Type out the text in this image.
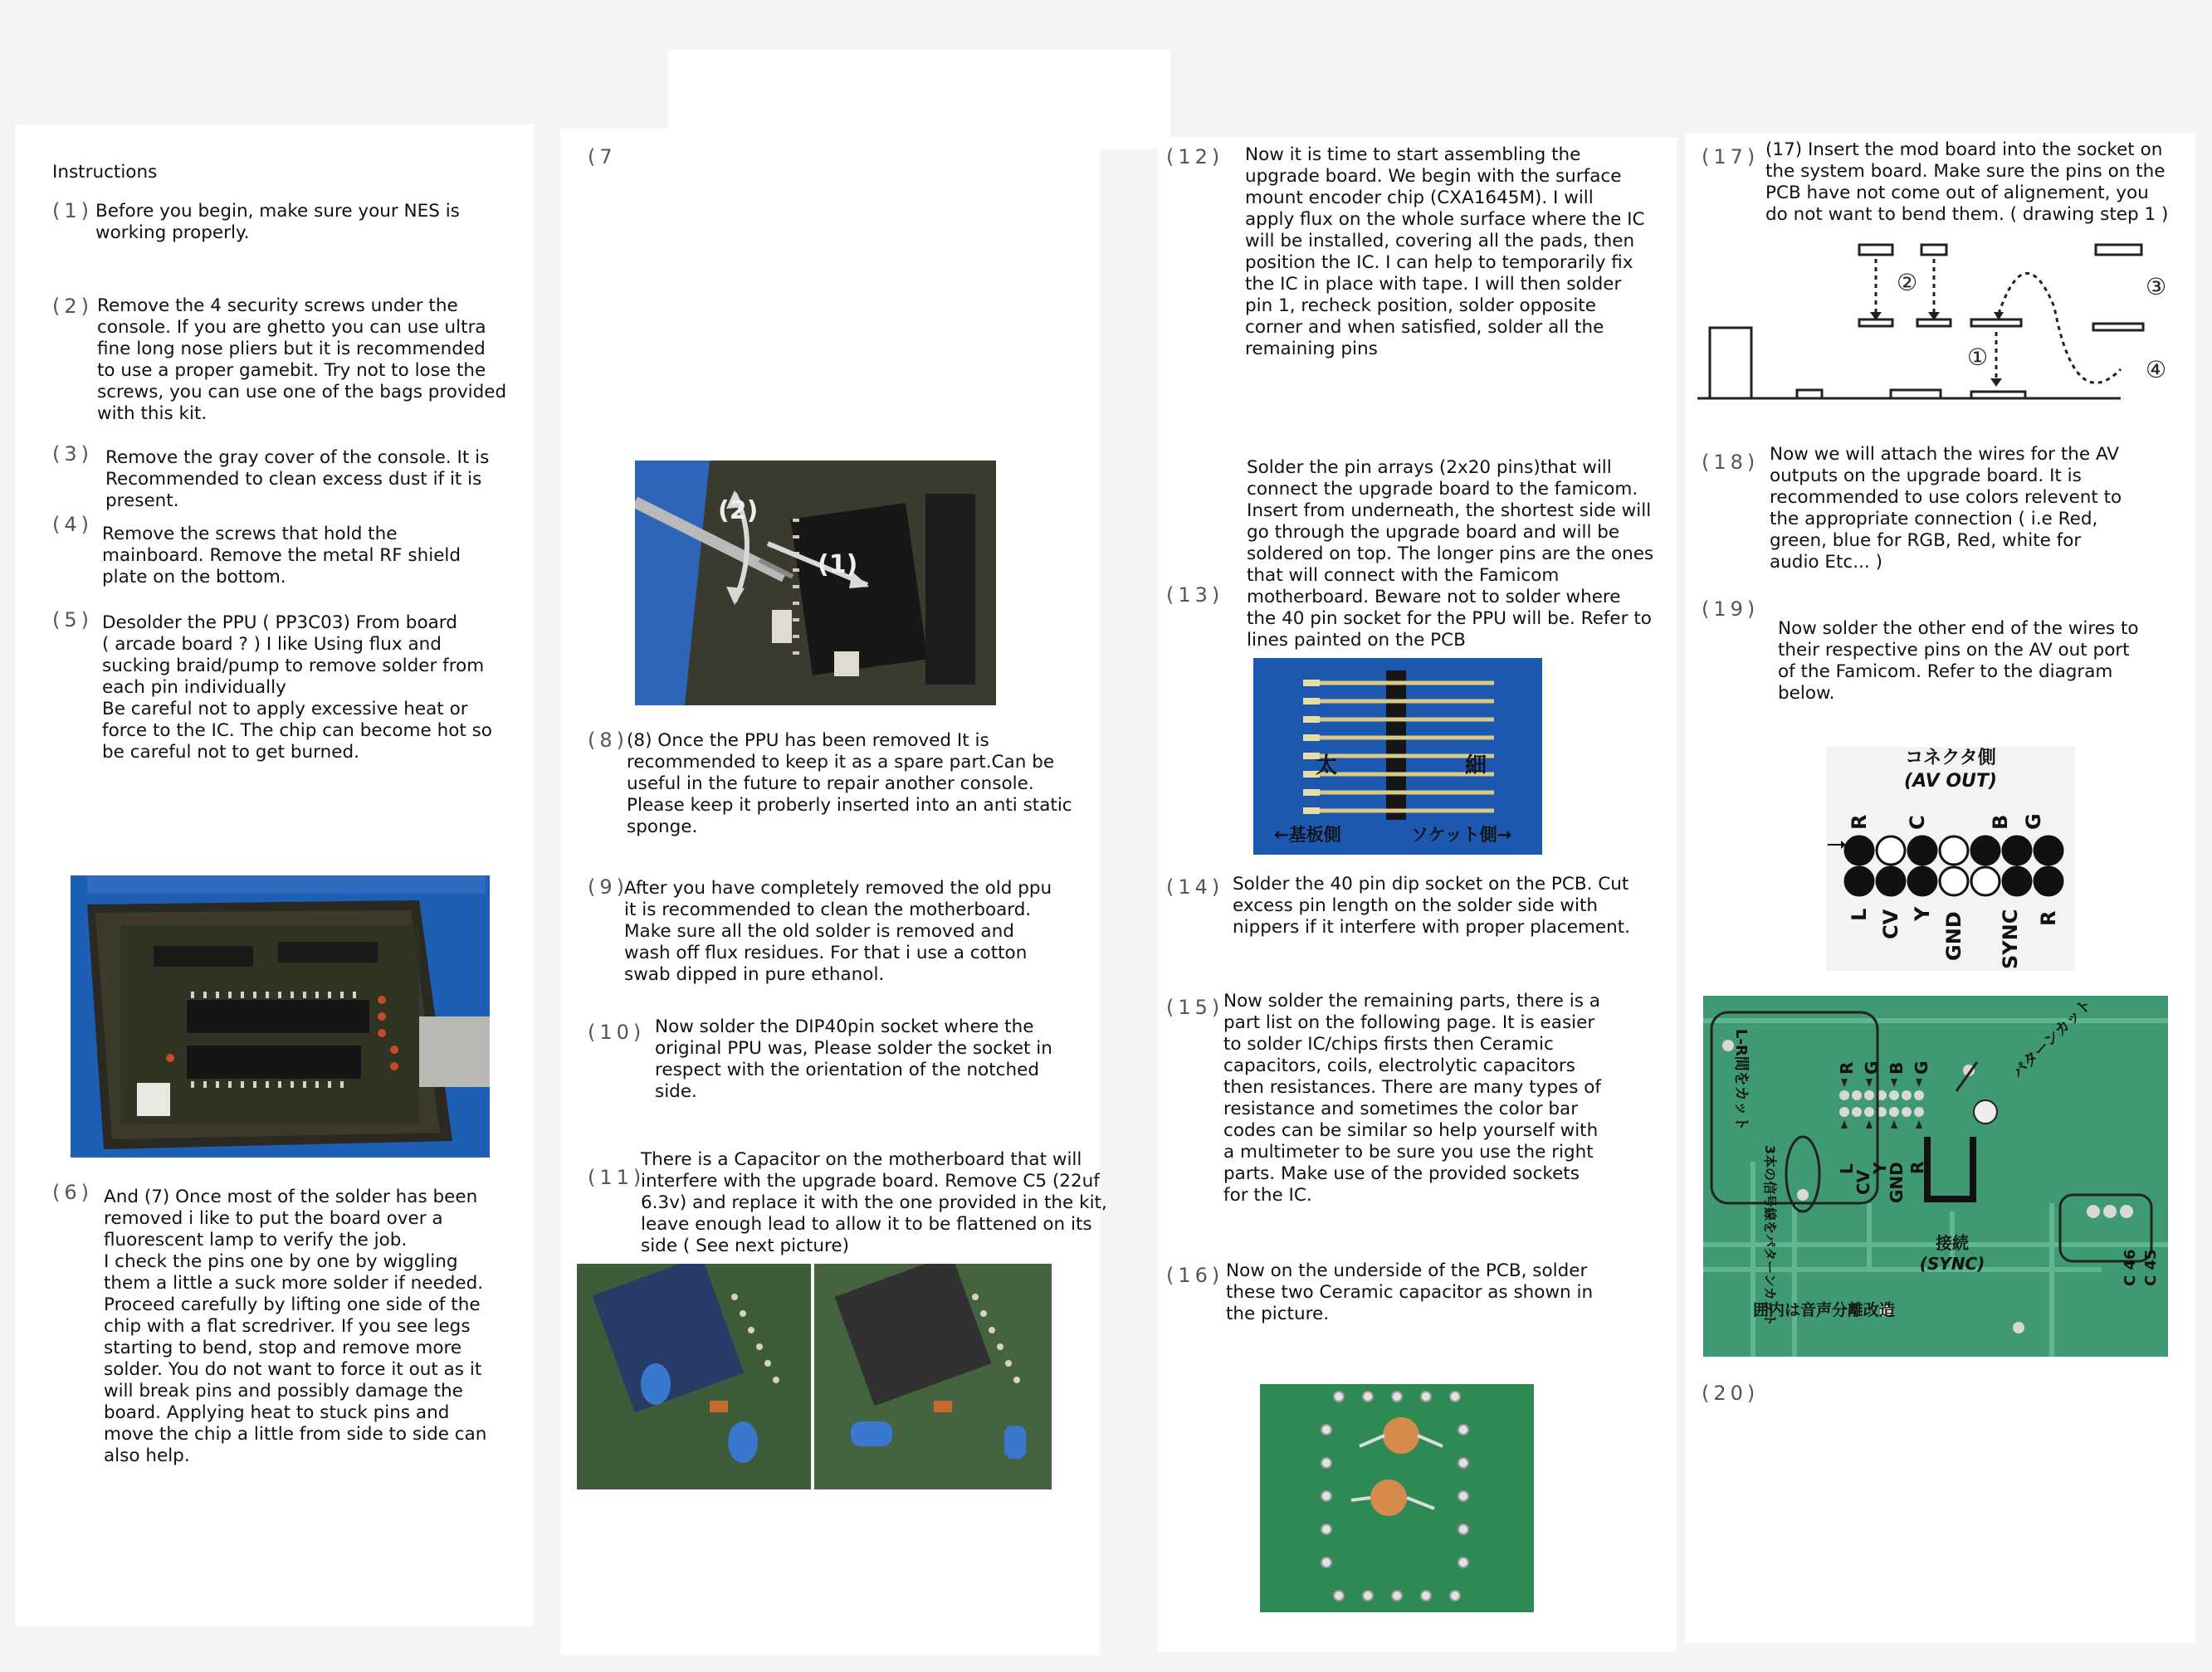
Instructions
(1) Before you begin, make sure your NES is
working properly.
(2) Remove the 4 security screws under the
console. If you are ghetto you can use ultra
fine long nose pliers but it is recommended
to use a proper gamebit. Try not to lose the
screws, you can use one of the bags provided
with this kit.
(3) Remove the gray cover of the console. It is
Recommended to clean excess dust if it is
present.
(4) Remove the screws that hold the
mainboard. Remove the metal RF shield
plate on the bottom.
(5) Desolder the PPU ( PP3C03) From board
( arcade board ? ) I like Using flux and
sucking braid/pump to remove solder from
each pin individually
Be careful not to apply excessive heat or
force to the IC. The chip can become hot so
be careful not to get burned.
(6) And (7) Once most of the solder has been
removed i like to put the board over a
fluorescent lamp to verify the job.
I check the pins one by one by wiggling
them a little a suck more solder if needed.
Proceed carefully by lifting one side of the
chip with a flat scredriver. If you see legs
starting to bend, stop and remove more
solder. You do not want to force it out as it
will break pins and possibly damage the
board. Applying heat to stuck pins and
move the chip a little from side to side can
also help.
(7
(2)
(1)
(8)
(8) Once the PPU has been removed It is
recommended to keep it as a spare part.Can be
useful in the future to repair another console.
Please keep it proberly inserted into an anti static
sponge.
(9)
After you have completely removed the old ppu
it is recommended to clean the motherboard.
Make sure all the old solder is removed and
wash off flux residues. For that i use a cotton
swab dipped in pure ethanol.
(10) Now solder the DIP40pin socket where the
original PPU was, Please solder the socket in
respect with the orientation of the notched
side.
(11)
There is a Capacitor on the motherboard that will
interfere with the upgrade board. Remove C5 (22uf
6.3v) and replace it with the one provided in the kit,
leave enough lead to allow it to be flattened on its
side ( See next picture)
(12) Now it is time to start assembling the
upgrade board. We begin with the surface
mount encoder chip (CXA1645M). I will
apply flux on the whole surface where the IC
will be installed, covering all the pads, then
position the IC. I can help to temporarily fix
the IC in place with tape. I will then solder
pin 1, recheck position, solder opposite
corner and when satisfied, solder all the
remaining pins
Solder the pin arrays (2x20 pins)that will
connect the upgrade board to the famicom.
Insert from underneath, the shortest side will
go through the upgrade board and will be
soldered on top. The longer pins are the ones
that will connect with the Famicom
motherboard. Beware not to solder where
the 40 pin socket for the PPU will be. Refer to
lines painted on the PCB
(13)
太	細
←基板側	ソケット側→
(14) Solder the 40 pin dip socket on the PCB. Cut
excess pin length on the solder side with
nippers if it interfere with proper placement.
(15) Now solder the remaining parts, there is a
part list on the following page. It is easier
to solder IC/chips firsts then Ceramic
capacitors, coils, electrolytic capacitors
then resistances. There are many types of
resistance and sometimes the color bar
codes can be similar so help yourself with
a multimeter to be sure you use the right
parts. Make use of the provided sockets
for the IC.
(16) Now on the underside of the PCB, solder
these two Ceramic capacitor as shown in
the picture.
(17) (17) Insert the mod board into the socket on
the system board. Make sure the pins on the
PCB have not come out of alignement, you
do not want to bend them. ( drawing step 1 )
①
②	③
④
(18) Now we will attach the wires for the AV
outputs on the upgrade board. It is
recommended to use colors relevent to
the appropriate connection ( i.e Red,
green, blue for RGB, Red, white for
audio Etc... )
(19)
Now solder the other end of the wires to
their respective pins on the AV out port
of the Famicom. Refer to the diagram
below.
コネクタ側
(AV OUT)
R C	B G
L CV Y GND SYNC R
R G B G
L
CV
Y
GND R
L-R間をカット	パターンカット
3本の信号線をパターンカット	接続
(SYNC)
囲内は音声分離改造
C 46 C 45
(20)
